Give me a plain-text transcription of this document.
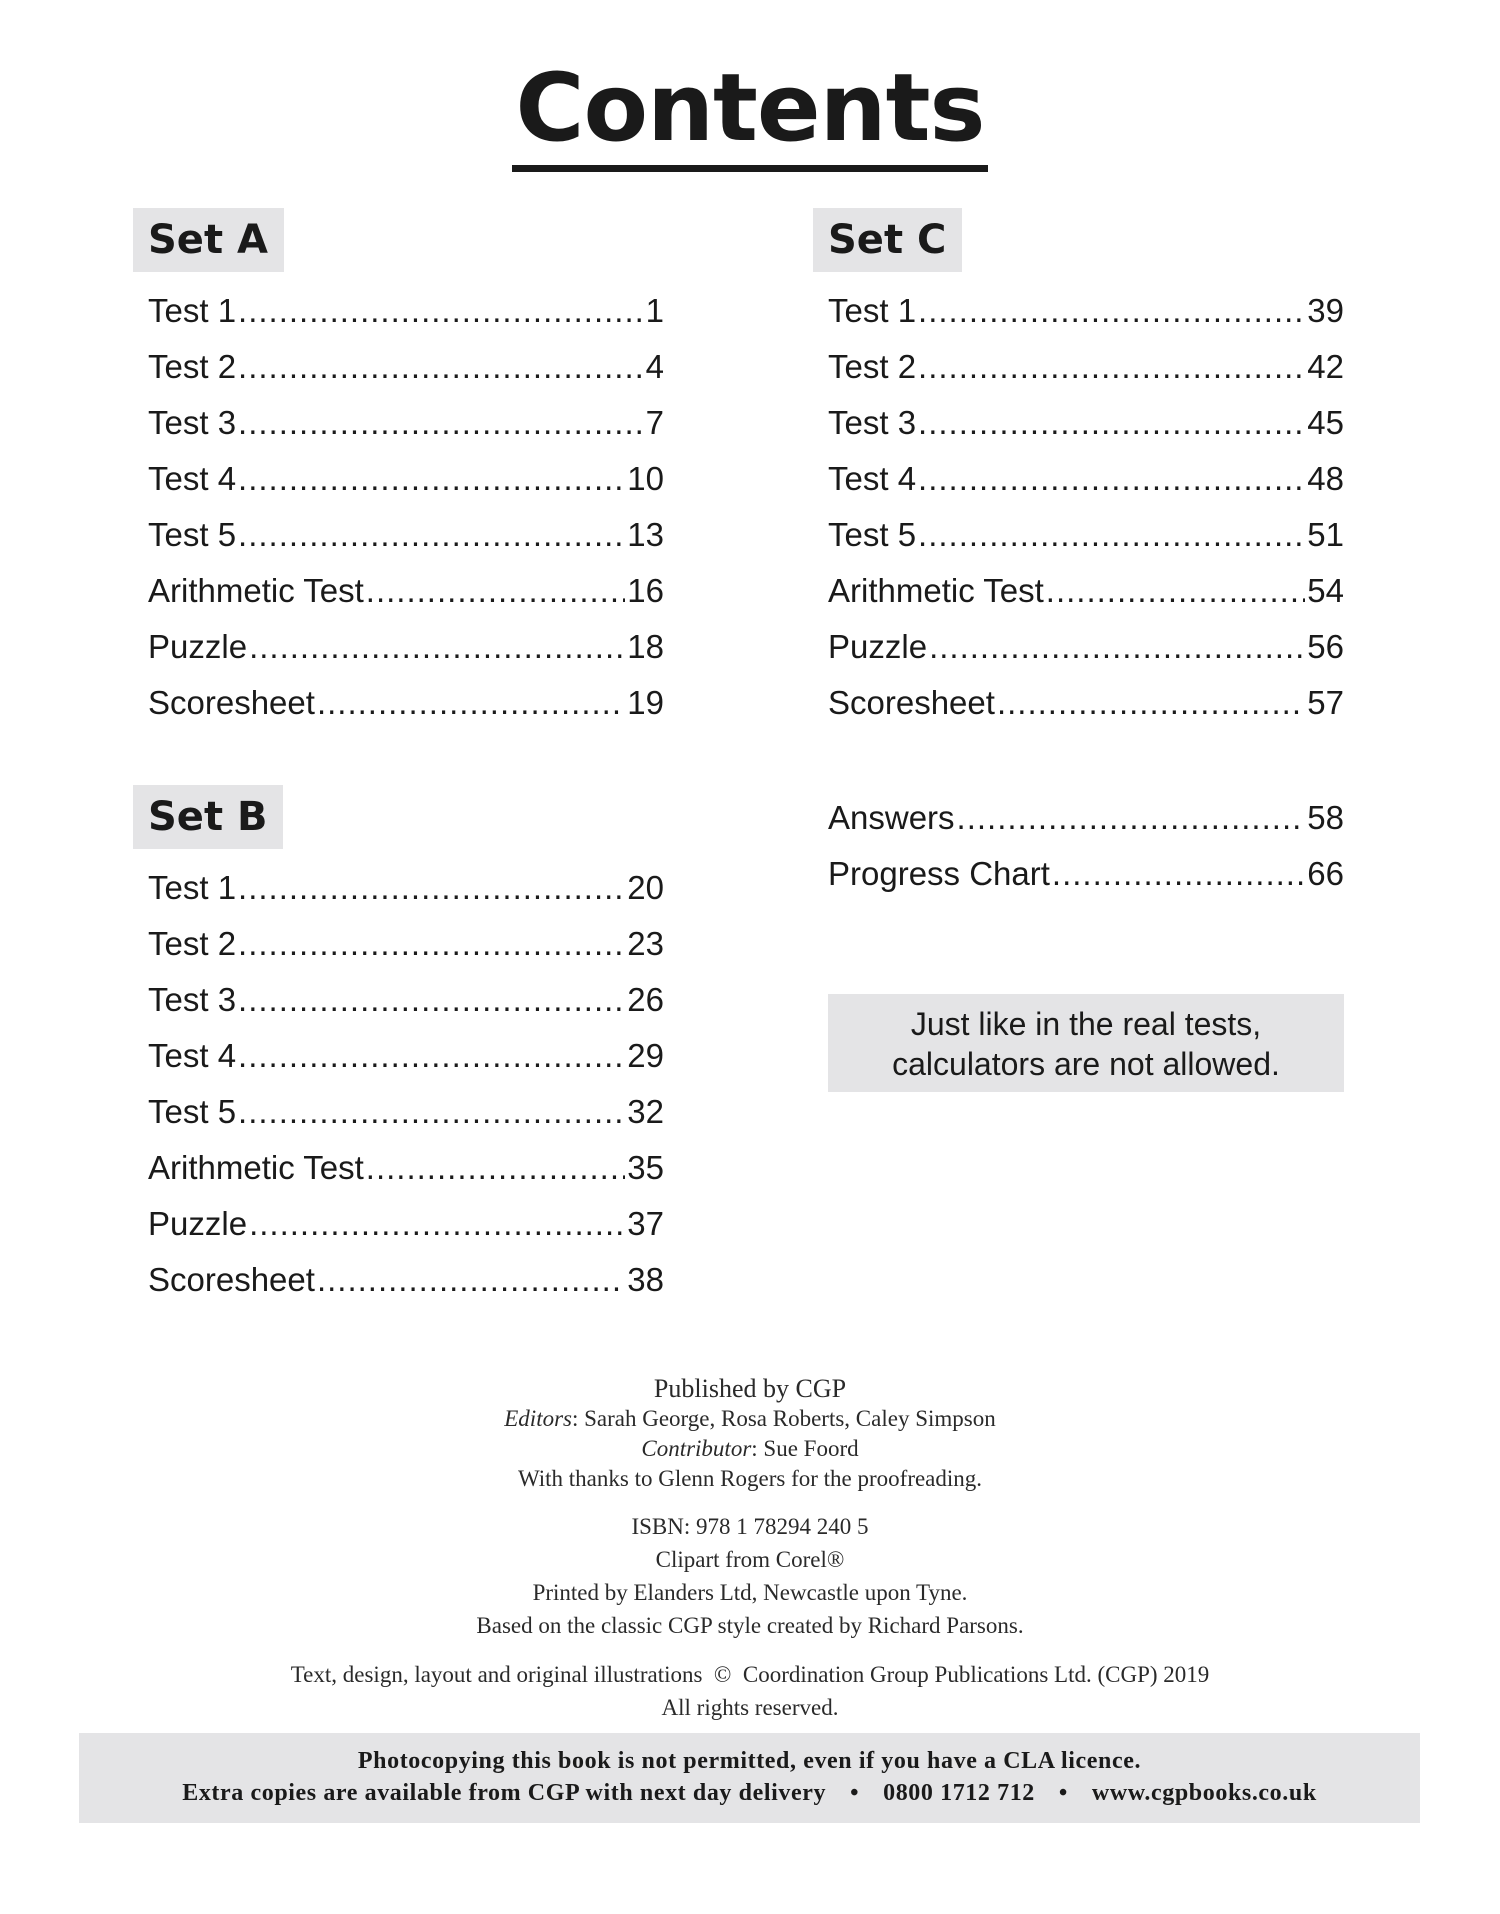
Contents
Set A
Test 1 .....	1
Test 2 .....	4
Test 3 .....	7
Test 4 .....	10
Test 5 .....	13
Arithmetic Test .....	16
Puzzle .....	18
Scoresheet .....	19
Set B
Test 1 .....	20
Test 2 .....	23
Test 3 .....	26
Test 4 .....	29
Test 5 .....	32
Arithmetic Test .....	35
Puzzle .....	37
Scoresheet .....	38
Set C
Test 1 .....	39
Test 2 .....	42
Test 3 .....	45
Test 4 .....	48
Test 5 .....	51
Arithmetic Test .....	54
Puzzle .....	56
Scoresheet .....	57
Answers .....	58
Progress Chart .....	66
Just like in the real tests,
calculators are not allowed.
Published by CGP
Editors: Sarah George, Rosa Roberts, Caley Simpson
Contributor: Sue Foord
With thanks to Glenn Rogers for the proofreading.
ISBN: 978 1 78294 240 5
Clipart from Corel®
Printed by Elanders Ltd, Newcastle upon Tyne.
Based on the classic CGP style created by Richard Parsons.
Text, design, layout and original illustrations  ©  Coordination Group Publications Ltd. (CGP) 2019
All rights reserved.
Photocopying this book is not permitted, even if you have a CLA licence.
Extra copies are available from CGP with next day delivery • 0800 1712 712 • www.cgpbooks.co.uk
